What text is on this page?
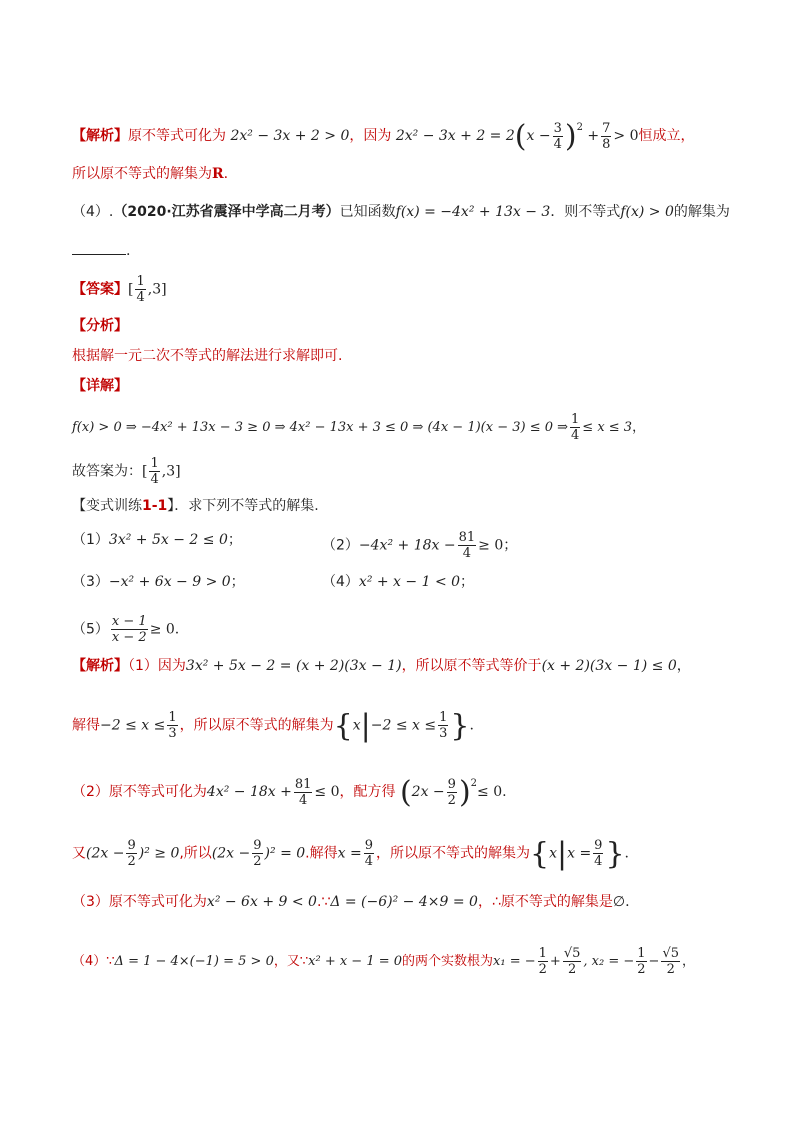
【解析】原不等式可化为 2x² − 3x + 2 > 0，因为 $2x^2 - 3x + 2 = 2(x - \frac{3}{4} )^2 + \frac{7}{8} > 0$恒成立，
所以原不等式的解集为R.
（4）.（2020·江苏省震泽中学高二月考）已知函数f(x) = −4x² + 13x − 3．则不等式f(x) > 0的解集为
.
【答案】[ $\frac{1}{4} ,3$]
【分析】
根据解一元二次不等式的解法进行求解即可.
【详解】
f(x) > 0 ⇒ −4x² + 13x − 3 ≥ 0 ⇒ 4x² − 13x + 3 ≤ 0 ⇒ (4x − 1)(x − 3) ≤ 0 ⇒ $\frac{1}{4} \le x \le 3$，
故答案为：[ $\frac{1}{4} ,3$]
【变式训练1-1】．求下列不等式的解集.
（1）3x² + 5x − 2 ≤ 0；	$(2)-4x^2 + 18x - \frac{81}{4} \ge 0$；
（3）−x² + 6x − 9 > 0；	（4）x² + x − 1 < 0；
$(5) \frac{x - 1}{x - 2} \ge 0$.
【解析】（1）因为3x² + 5x − 2 = (x + 2)(3x − 1)，所以原不等式等价于(x + 2)(3x − 1) ≤ 0，
解得$-2 \le x \le \frac{1}{3}$ ，所以原不等式的解集为{$x|-2 \le x \le \frac{1}{3}$ }.
（2）原不等式可化为$4x^2 - 18x + \frac{81}{4} \le 0$，配方得 $(2x - \frac{9}{2} )^2\le 0$.
又$(2x - \frac{9}{2} )^2 \ge 0$,所以$(2x - \frac{9}{2} )^2 = 0$.解得$x = \frac{9}{4}$ ，所以原不等式的解集为{$x|x = \frac{9}{4}$ }.
（3）原不等式可化为x² − 6x + 9 < 0.∵Δ = (−6)² − 4×9 = 0，∴原不等式的解集是∅.
（4）∵Δ = 1 − 4×(−1) = 5 > 0，又∵x² + x − 1 = 0的两个实数根为x₁ = − $\frac{1}{2} + \frac{√5}{2}$ , x₂ = − $\frac{1}{2} - \frac{√5}{2}$ ，
